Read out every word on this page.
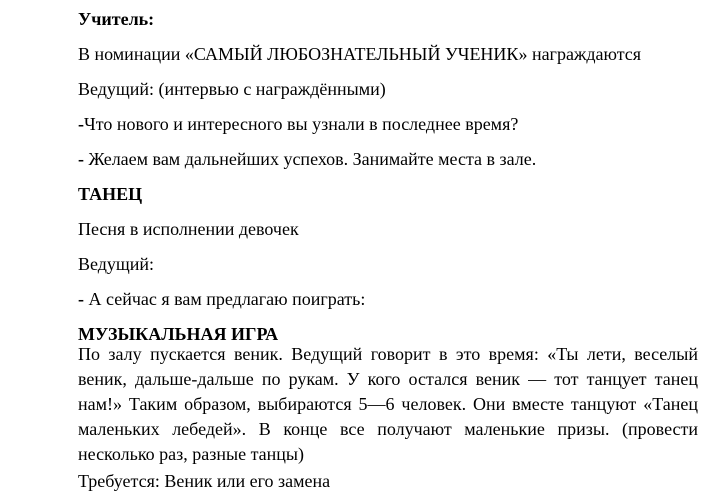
Учитель:

В номинации «САМЫЙ ЛЮБОЗНАТЕЛЬНЫЙ УЧЕНИК» награждаются

Ведущий: (интервью с награждёнными)

-Что нового и интересного вы узнали в последнее время?

- Желаем вам дальнейших успехов. Занимайте места в зале.

ТАНЕЦ

Песня в исполнении девочек

Ведущий:

- А сейчас я вам предлагаю поиграть:

МУЗЫКАЛЬНАЯ ИГРА

По залу пускается веник. Ведущий говорит в это время: «Ты лети, веселый
веник, дальше-дальше по рукам. У кого остался веник — тот танцует танец
нам!» Таким образом, выбираются 5—6 человек. Они вместе танцуют «Танец
маленьких лебедей». В конце все получают маленькие призы. (провести
несколько раз, разные танцы)

Требуется: Веник или его замена
